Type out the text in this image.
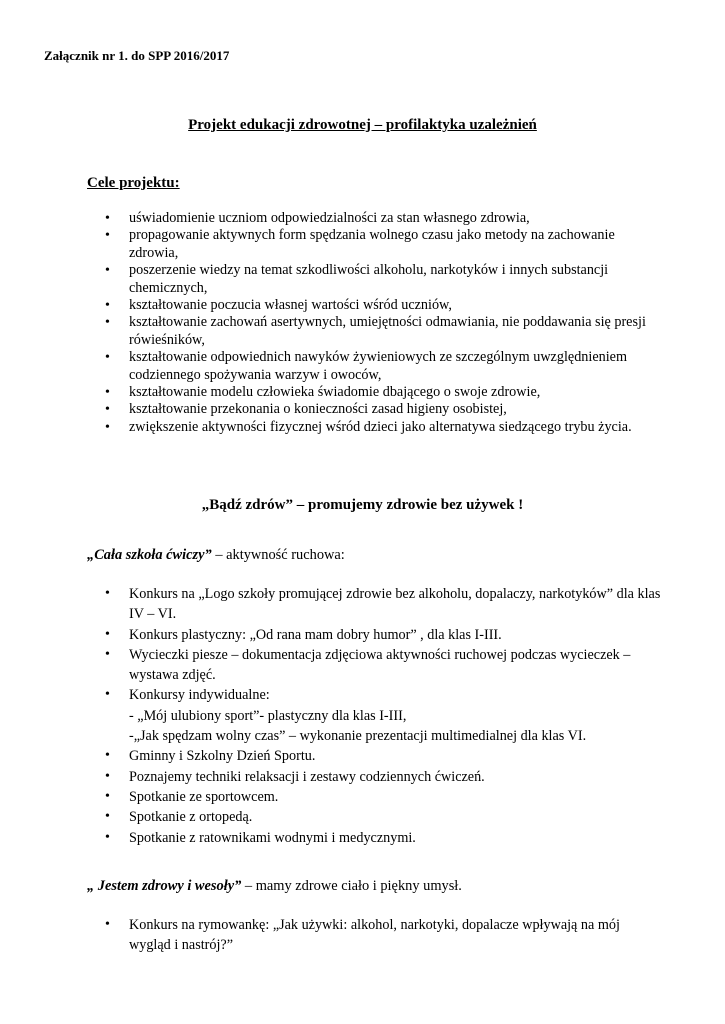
Załącznik nr 1. do SPP 2016/2017
Projekt edukacji zdrowotnej – profilaktyka uzależnień
Cele projektu:
• uświadomienie uczniom odpowiedzialności za stan własnego zdrowia,
• propagowanie aktywnych form spędzania wolnego czasu jako metody na zachowanie zdrowia,
• poszerzenie wiedzy na temat szkodliwości alkoholu, narkotyków i innych substancji chemicznych,
• kształtowanie poczucia własnej wartości wśród uczniów,
• kształtowanie zachowań asertywnych, umiejętności odmawiania, nie poddawania się presji rówieśników,
• kształtowanie odpowiednich nawyków żywieniowych ze szczególnym uwzględnieniem codziennego spożywania warzyw i owoców,
• kształtowanie modelu człowieka świadomie dbającego o swoje zdrowie,
• kształtowanie przekonania o konieczności zasad higieny osobistej,
• zwiększenie aktywności fizycznej wśród dzieci jako alternatywa siedzącego trybu życia.
„Bądź zdrów” – promujemy zdrowie bez używek !
„Cała szkoła ćwiczy” – aktywność ruchowa:
• Konkurs na „Logo szkoły promującej zdrowie bez alkoholu, dopalaczy, narkotyków” dla klas IV – VI.
• Konkurs plastyczny: „Od rana mam dobry humor” , dla klas I-III.
• Wycieczki piesze – dokumentacja zdjęciowa aktywności ruchowej podczas wycieczek – wystawa zdjęć.
• Konkursy indywidualne:
- „Mój ulubiony sport”- plastyczny dla klas I-III,
-„Jak spędzam wolny czas” – wykonanie prezentacji multimedialnej dla klas VI.
• Gminny i Szkolny Dzień Sportu.
• Poznajemy techniki relaksacji i zestawy codziennych ćwiczeń.
• Spotkanie ze sportowcem.
• Spotkanie z ortopedą.
• Spotkanie z ratownikami wodnymi i medycznymi.
„ Jestem zdrowy i wesoły” – mamy zdrowe ciało i piękny umysł.
• Konkurs na rymowankę: „Jak używki: alkohol, narkotyki, dopalacze wpływają na mój wygląd i nastrój?”
